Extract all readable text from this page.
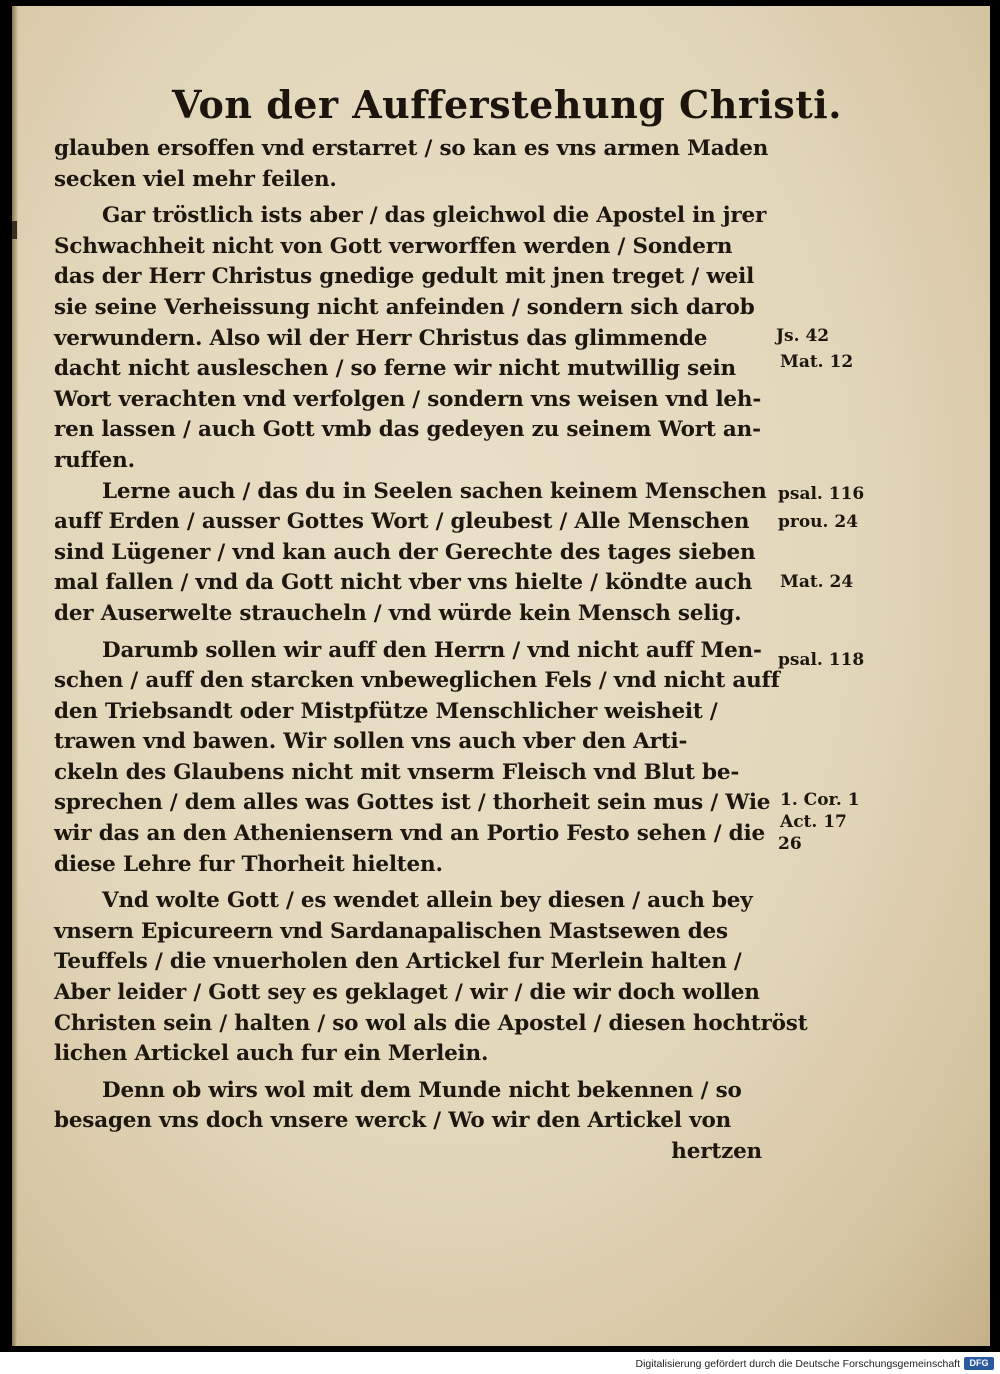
Von der Aufferstehung Christi.
glauben ersoffen vnd erstarret / so kan es vns armen Maden
secken viel mehr feilen.
Gar tröstlich ists aber / das gleichwol die Apostel in jrer
Schwachheit nicht von Gott verworffen werden / Sondern
das der Herr Christus gnedige gedult mit jnen treget / weil
sie seine Verheissung nicht anfeinden / sondern sich darob
verwundern. Also wil der Herr Christus das glimmende
dacht nicht ausleschen / so ferne wir nicht mutwillig sein
Wort verachten vnd verfolgen / sondern vns weisen vnd leh-
ren lassen / auch Gott vmb das gedeyen zu seinem Wort an-
ruffen.
Lerne auch / das du in Seelen sachen keinem Menschen
auff Erden / ausser Gottes Wort / gleubest / Alle Menschen
sind Lügener / vnd kan auch der Gerechte des tages sieben
mal fallen / vnd da Gott nicht vber vns hielte / köndte auch
der Auserwelte straucheln / vnd würde kein Mensch selig.
Darumb sollen wir auff den Herrn / vnd nicht auff Men-
schen / auff den starcken vnbeweglichen Fels / vnd nicht auff
den Triebsandt oder Mistpfütze Menschlicher weisheit /
trawen vnd bawen. Wir sollen vns auch vber den Arti-
ckeln des Glaubens nicht mit vnserm Fleisch vnd Blut be-
sprechen / dem alles was Gottes ist / thorheit sein mus / Wie
wir das an den Atheniensern vnd an Portio Festo sehen / die
diese Lehre fur Thorheit hielten.
Vnd wolte Gott / es wendet allein bey diesen / auch bey
vnsern Epicureern vnd Sardanapalischen Mastsewen des
Teuffels / die vnuerholen den Artickel fur Merlein halten /
Aber leider / Gott sey es geklaget / wir / die wir doch wollen
Christen sein / halten / so wol als die Apostel / diesen hochtröst
lichen Artickel auch fur ein Merlein.
Denn ob wirs wol mit dem Munde nicht bekennen / so
besagen vns doch vnsere werck / Wo wir den Artickel von
hertzen
Js. 42
Mat. 12
psal. 116
prou. 24
Mat. 24
psal. 118
1. Cor. 1
Act. 17
26
Digitalisierung gefördert durch die Deutsche Forschungsgemeinschaft	DFG
